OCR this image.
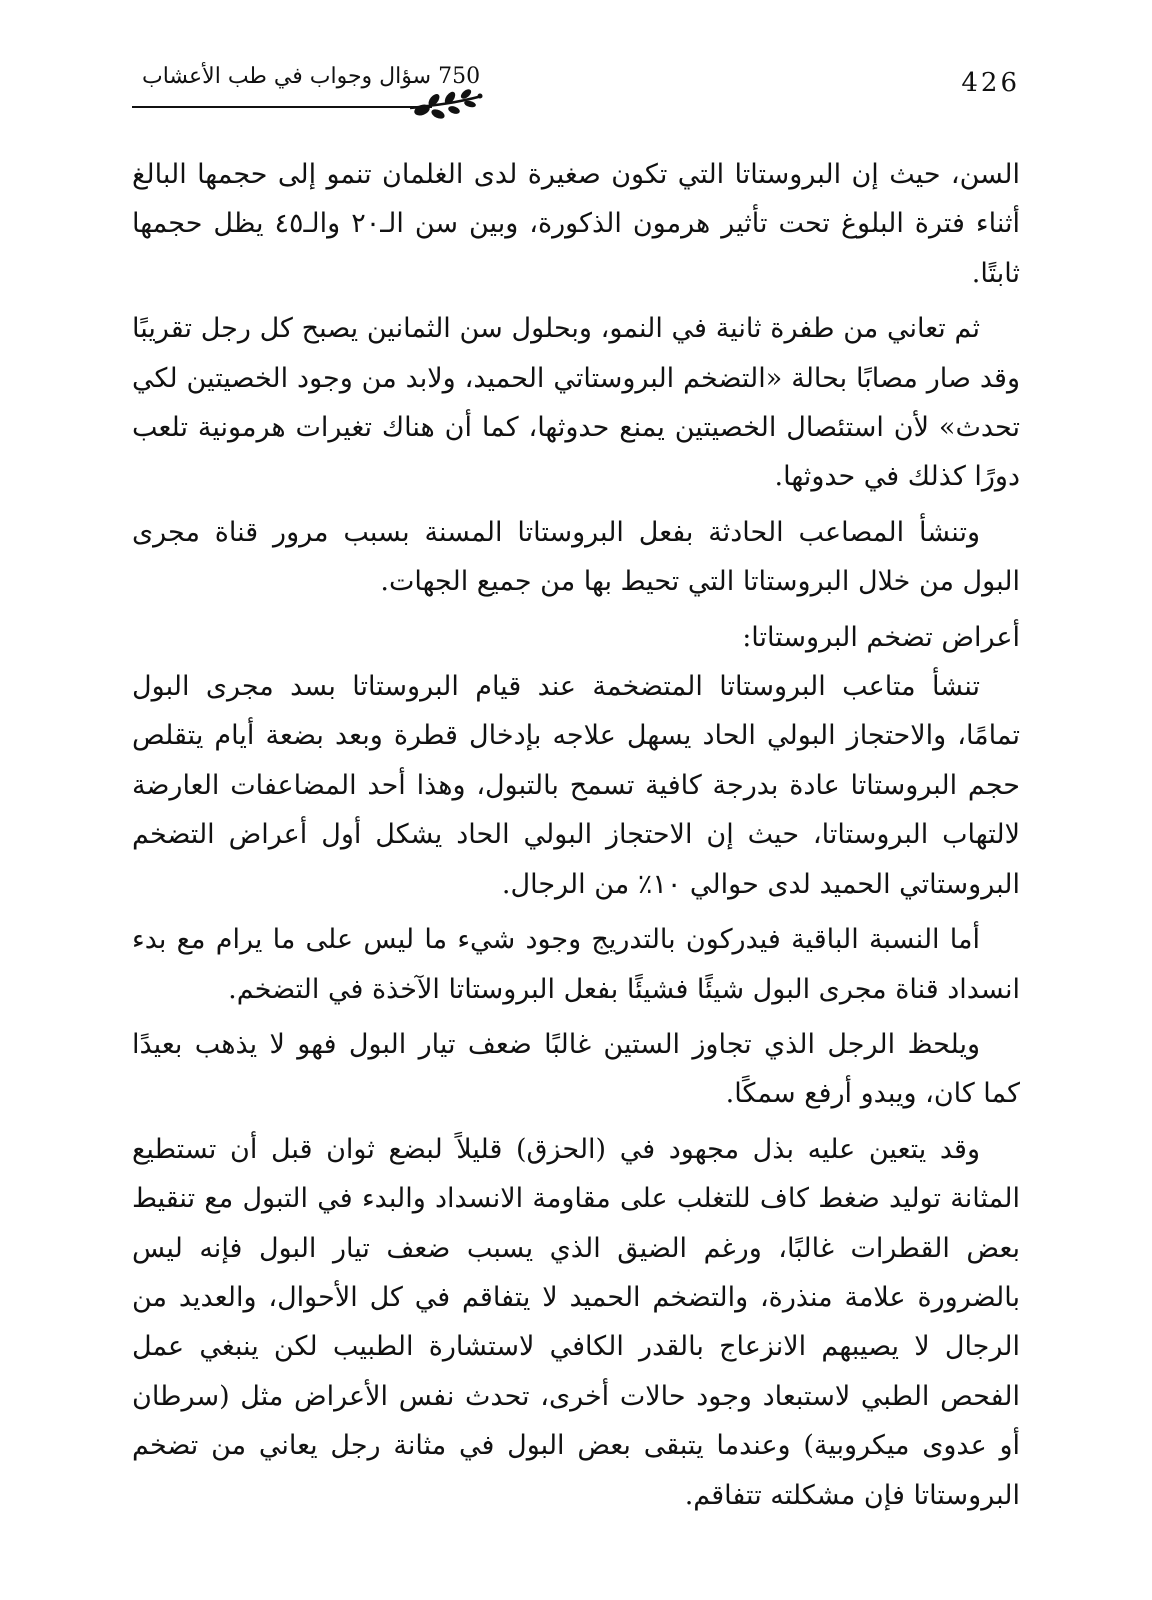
426
750 سؤال وجواب في طب الأعشاب

السن، حيث إن البروستاتا التي تكون صغيرة لدى الغلمان تنمو إلى حجمها البالغ أثناء فترة البلوغ تحت تأثير هرمون الذكورة، وبين سن الـ٢٠ والـ٤٥ يظل حجمها ثابتًا.

ثم تعاني من طفرة ثانية في النمو، وبحلول سن الثمانين يصبح كل رجل تقريبًا وقد صار مصابًا بحالة «التضخم البروستاتي الحميد، ولابد من وجود الخصيتين لكي تحدث» لأن استئصال الخصيتين يمنع حدوثها، كما أن هناك تغيرات هرمونية تلعب دورًا كذلك في حدوثها.

وتنشأ المصاعب الحادثة بفعل البروستاتا المسنة بسبب مرور قناة مجرى البول من خلال البروستاتا التي تحيط بها من جميع الجهات.

أعراض تضخم البروستاتا:

تنشأ متاعب البروستاتا المتضخمة عند قيام البروستاتا بسد مجرى البول تمامًا، والاحتجاز البولي الحاد يسهل علاجه بإدخال قطرة وبعد بضعة أيام يتقلص حجم البروستاتا عادة بدرجة كافية تسمح بالتبول، وهذا أحد المضاعفات العارضة لالتهاب البروستاتا، حيث إن الاحتجاز البولي الحاد يشكل أول أعراض التضخم البروستاتي الحميد لدى حوالي ١٠٪ من الرجال.

أما النسبة الباقية فيدركون بالتدريج وجود شيء ما ليس على ما يرام مع بدء انسداد قناة مجرى البول شيئًا فشيئًا بفعل البروستاتا الآخذة في التضخم.

ويلحظ الرجل الذي تجاوز الستين غالبًا ضعف تيار البول فهو لا يذهب بعيدًا كما كان، ويبدو أرفع سمكًا.

وقد يتعين عليه بذل مجهود في (الحزق) قليلاً لبضع ثوان قبل أن تستطيع المثانة توليد ضغط كاف للتغلب على مقاومة الانسداد والبدء في التبول مع تنقيط بعض القطرات غالبًا، ورغم الضيق الذي يسبب ضعف تيار البول فإنه ليس بالضرورة علامة منذرة، والتضخم الحميد لا يتفاقم في كل الأحوال، والعديد من الرجال لا يصيبهم الانزعاج بالقدر الكافي لاستشارة الطبيب لكن ينبغي عمل الفحص الطبي لاستبعاد وجود حالات أخرى، تحدث نفس الأعراض مثل (سرطان أو عدوى ميكروبية) وعندما يتبقى بعض البول في مثانة رجل يعاني من تضخم البروستاتا فإن مشكلته تتفاقم.
